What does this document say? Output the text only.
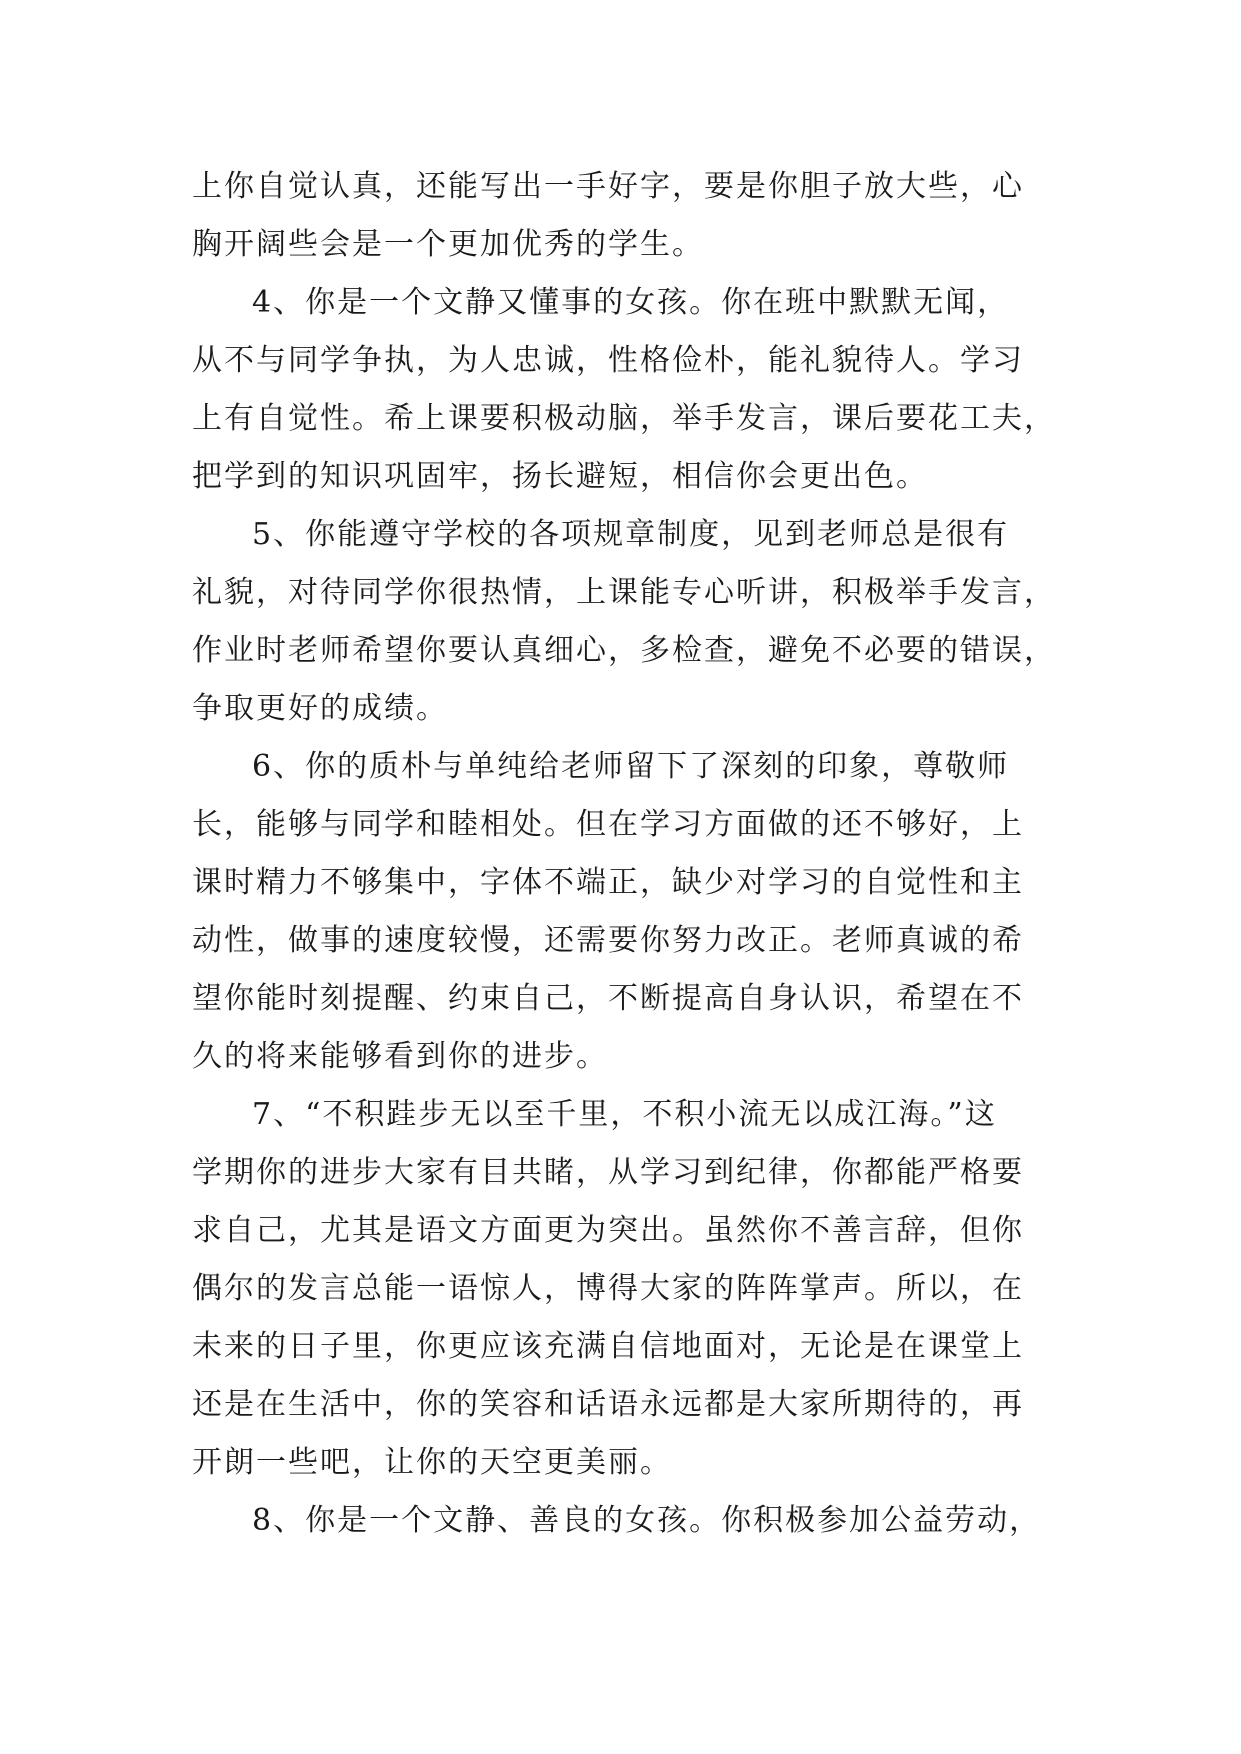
上你自觉认真，还能写出一手好字，要是你胆子放大些，心
胸开阔些会是一个更加优秀的学生。
4、你是一个文静又懂事的女孩。你在班中默默无闻，
从不与同学争执，为人忠诚，性格俭朴，能礼貌待人。学习
上有自觉性。希上课要积极动脑，举手发言，课后要花工夫，
把学到的知识巩固牢，扬长避短，相信你会更出色。
5、你能遵守学校的各项规章制度，见到老师总是很有
礼貌，对待同学你很热情，上课能专心听讲，积极举手发言，
作业时老师希望你要认真细心，多检查，避免不必要的错误，
争取更好的成绩。
6、你的质朴与单纯给老师留下了深刻的印象，尊敬师
长，能够与同学和睦相处。但在学习方面做的还不够好，上
课时精力不够集中，字体不端正，缺少对学习的自觉性和主
动性，做事的速度较慢，还需要你努力改正。老师真诚的希
望你能时刻提醒、约束自己，不断提高自身认识，希望在不
久的将来能够看到你的进步。
7、“不积跬步无以至千里，不积小流无以成江海。”这
学期你的进步大家有目共睹，从学习到纪律，你都能严格要
求自己，尤其是语文方面更为突出。虽然你不善言辞，但你
偶尔的发言总能一语惊人，博得大家的阵阵掌声。所以，在
未来的日子里，你更应该充满自信地面对，无论是在课堂上
还是在生活中，你的笑容和话语永远都是大家所期待的，再
开朗一些吧，让你的天空更美丽。
8、你是一个文静、善良的女孩。你积极参加公益劳动，
